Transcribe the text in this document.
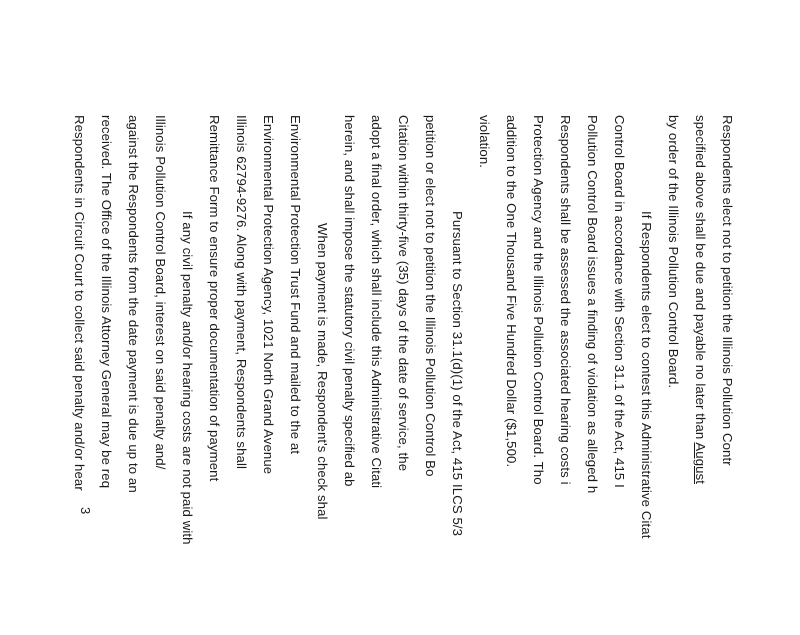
Respondents elect not to petition the Illinois Pollution Contr
specified above shall be due and payable no later than August
by order of the Illinois Pollution Control Board.
If Respondents elect to contest this Administrative Citat
Control Board in accordance with Section 31.1 of the Act, 415 I
Pollution Control Board issues a finding of violation as alleged h
Respondents shall be assessed the associated hearing costs i
Protection Agency and the Illinois Pollution Control Board. Tho
addition to the One Thousand Five Hundred Dollar ($1,500.
violation.
Pursuant to Section 31.1(d)(1) of the Act, 415 ILCS 5/3
petition or elect not to petition the Illinois Pollution Control Bo
Citation within thirty-five (35) days of the date of service, the
adopt a final order, which shall include this Administrative Citati
herein, and shall impose the statutory civil penalty specified ab
When payment is made, Respondent's check shal
Environmental Protection Trust Fund and mailed to the at
Environmental Protection Agency, 1021 North Grand Avenue
Illinois 62794-9276. Along with payment, Respondents shall
Remittance Form to ensure proper documentation of payment
If any civil penalty and/or hearing costs are not paid with
Illinois Pollution Control Board, interest on said penalty and/
against the Respondents from the date payment is due up to an
received. The Office of the Illinois Attorney General may be req
Respondents in Circuit Court to collect said penalty and/or hear
3
